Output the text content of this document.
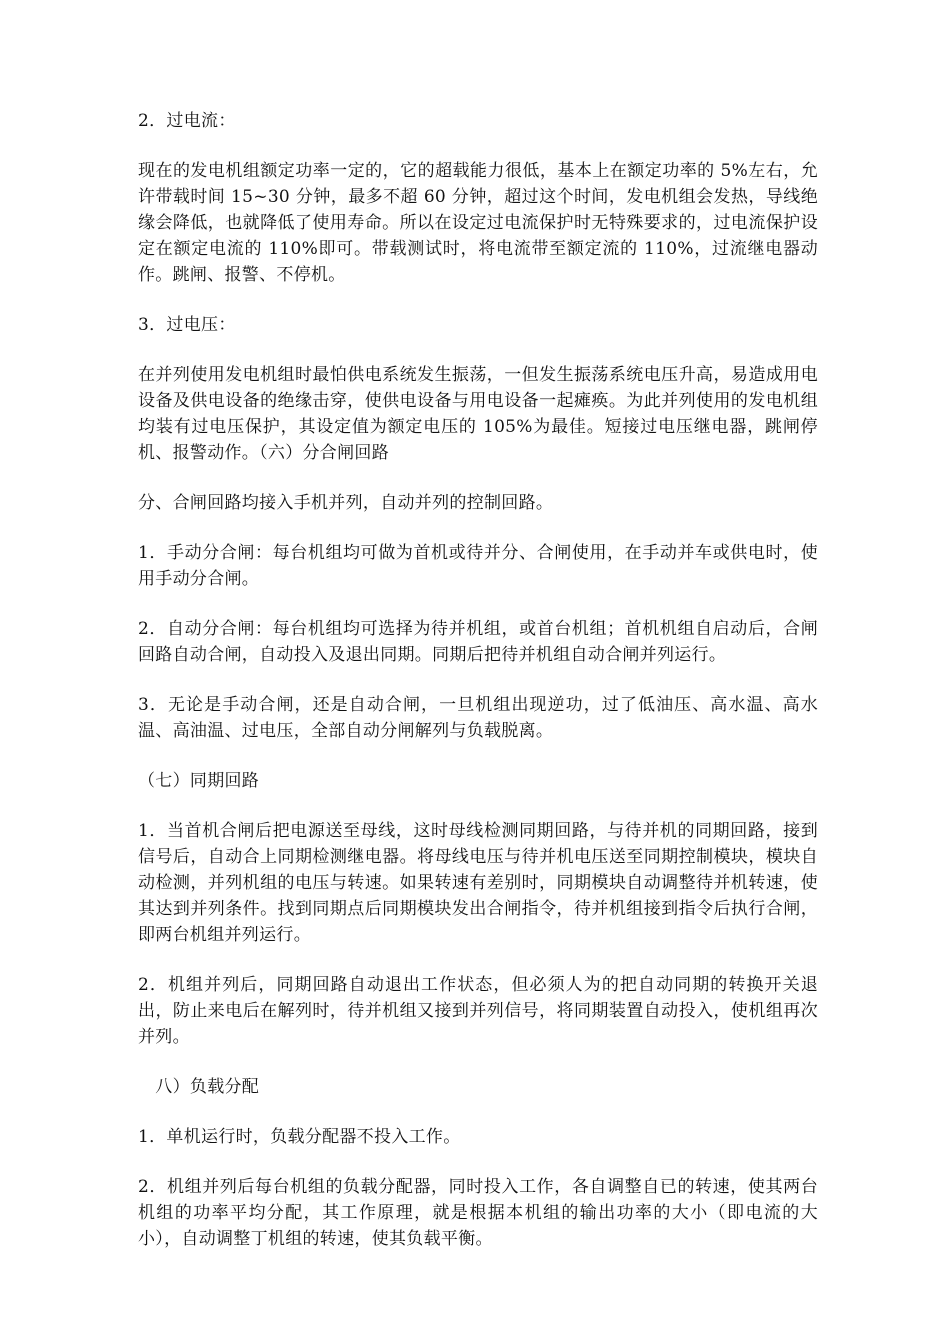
2．过电流：

现在的发电机组额定功率一定的，它的超载能力很低，基本上在额定功率的 5%左右，允许带载时间 15~30 分钟，最多不超 60 分钟，超过这个时间，发电机组会发热，导线绝缘会降低，也就降低了使用寿命。所以在设定过电流保护时无特殊要求的，过电流保护设定在额定电流的 110%即可。带载测试时，将电流带至额定流的 110%，过流继电器动作。跳闸、报警、不停机。

3．过电压：

在并列使用发电机组时最怕供电系统发生振荡，一但发生振荡系统电压升高，易造成用电设备及供电设备的绝缘击穿，使供电设备与用电设备一起瘫痪。为此并列使用的发电机组均装有过电压保护，其设定值为额定电压的 105%为最佳。短接过电压继电器，跳闸停机、报警动作。（六）分合闸回路

分、合闸回路均接入手机并列，自动并列的控制回路。

1．手动分合闸：每台机组均可做为首机或待并分、合闸使用，在手动并车或供电时，使用手动分合闸。

2．自动分合闸：每台机组均可选择为待并机组，或首台机组；首机机组自启动后，合闸回路自动合闸，自动投入及退出同期。同期后把待并机组自动合闸并列运行。

3．无论是手动合闸，还是自动合闸，一旦机组出现逆功，过了低油压、高水温、高水温、高油温、过电压，全部自动分闸解列与负载脱离。

（七）同期回路

1．当首机合闸后把电源送至母线，这时母线检测同期回路，与待并机的同期回路，接到信号后，自动合上同期检测继电器。将母线电压与待并机电压送至同期控制模块，模块自动检测，并列机组的电压与转速。如果转速有差别时，同期模块自动调整待并机转速，使其达到并列条件。找到同期点后同期模块发出合闸指令，待并机组接到指令后执行合闸，即两台机组并列运行。

2．机组并列后，同期回路自动退出工作状态，但必须人为的把自动同期的转换开关退出，防止来电后在解列时，待并机组又接到并列信号，将同期装置自动投入，使机组再次并列。

　八）负载分配

1．单机运行时，负载分配器不投入工作。

2．机组并列后每台机组的负载分配器，同时投入工作，各自调整自已的转速，使其两台机组的功率平均分配，其工作原理，就是根据本机组的输出功率的大小（即电流的大小），自动调整丁机组的转速，使其负载平衡。
